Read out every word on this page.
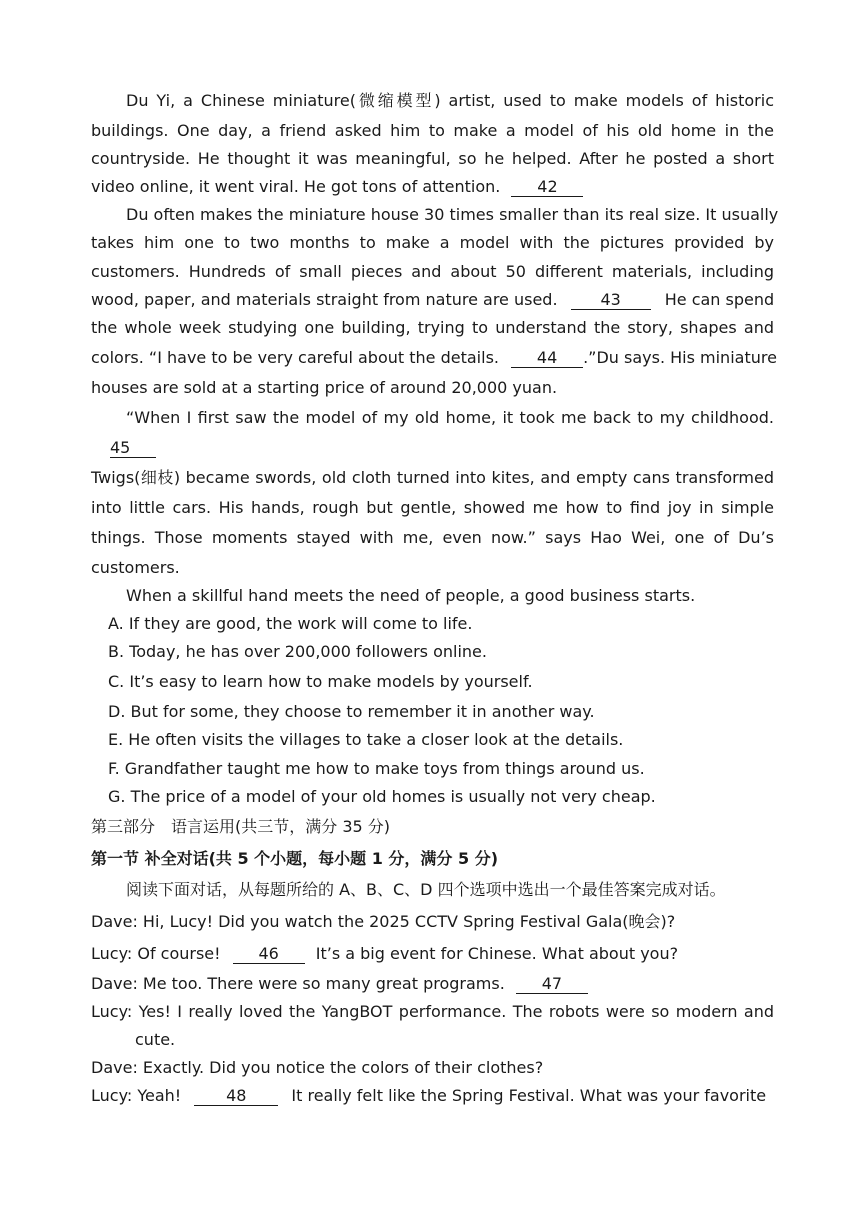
Du Yi, a Chinese miniature(微缩模型) artist, used to make models of historic
buildings. One day, a friend asked him to make a model of his old home in the
countryside. He thought it was meaningful, so he helped. After he posted a short
video online, it went viral. He got tons of attention. 42
Du often makes the miniature house 30 times smaller than its real size. It usually
takes him one to two months to make a model with the pictures provided by
customers. Hundreds of small pieces and about 50 different materials, including
wood, paper, and materials straight from nature are used.	43	He can spend
the whole week studying one building, trying to understand the story, shapes and
colors. “I have to be very careful about the details. 44 .”Du says. His miniature
houses are sold at a starting price of around 20,000 yuan.
“When I first saw the model of my old home, it took me back to my childhood.
45
Twigs(细枝) became swords, old cloth turned into kites, and empty cans transformed
into little cars. His hands, rough but gentle, showed me how to find joy in simple
things. Those moments stayed with me, even now.” says Hao Wei, one of Du’s
customers.
When a skillful hand meets the need of people, a good business starts.
A. If they are good, the work will come to life.
B. Today, he has over 200,000 followers online.
C. It’s easy to learn how to make models by yourself.
D. But for some, they choose to remember it in another way.
E. He often visits the villages to take a closer look at the details.
F. Grandfather taught me how to make toys from things around us.
G. The price of a model of your old homes is usually not very cheap.
第三部分　语言运用(共三节，满分 35 分)
第一节 补全对话(共 5 个小题，每小题 1 分，满分 5 分)
阅读下面对话，从每题所给的 A、B、C、D 四个选项中选出一个最佳答案完成对话。
Dave: Hi, Lucy! Did you watch the 2025 CCTV Spring Festival Gala(晚会)?
Lucy: Of course! 46 It’s a big event for Chinese. What about you?
Dave: Me too. There were so many great programs. 47
Lucy: Yes! I really loved the YangBOT performance. The robots were so modern and
cute.
Dave: Exactly. Did you notice the colors of their clothes?
Lucy: Yeah!	48	It really felt like the Spring Festival. What was your favorite
